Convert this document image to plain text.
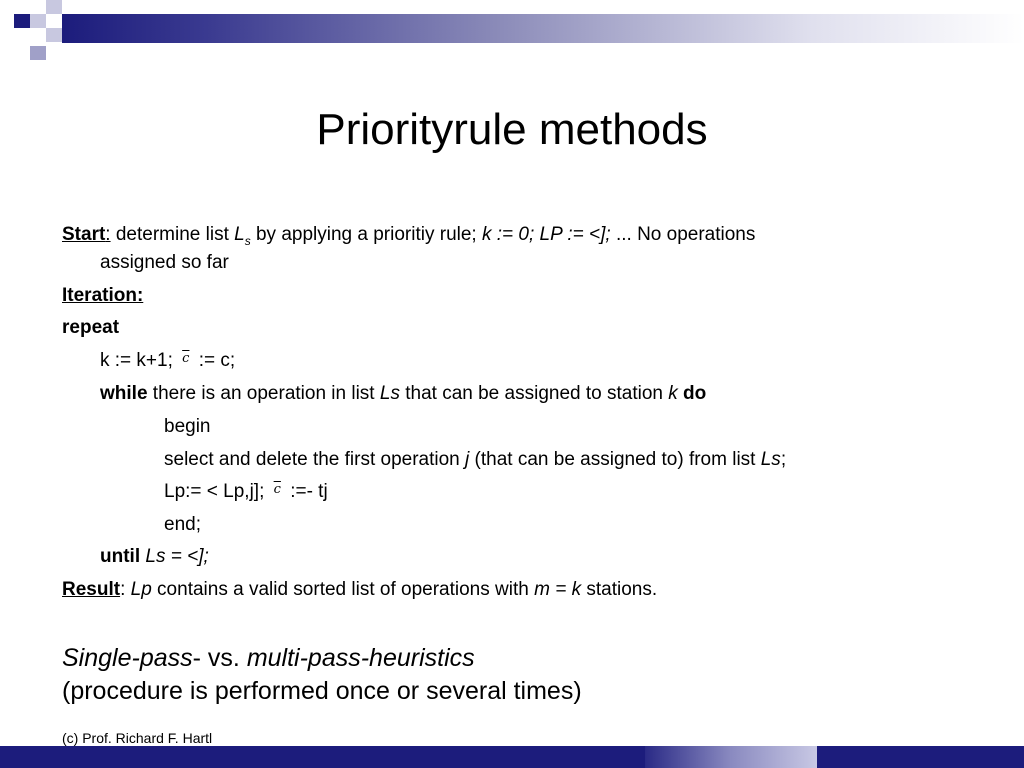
Priorityrule methods
Start: determine list $L_s$ by applying a prioritiy rule; k := 0; LP := <]; ... No operations
assigned so far
Iteration:
repeat
k := k+1; $^{\overline{c}}$ := c;
while there is an operation in list Ls that can be assigned to station k do
begin
select and delete the first operation j (that can be assigned to) from list Ls;
Lp:= < Lp,j]; $^{\overline{c}}$ :=- tj
end;
until Ls = <];
Result: Lp contains a valid sorted list of operations with m = k stations.
Single-pass- vs. multi-pass-heuristics
(procedure is performed once or several times)
(c) Prof. Richard F. Hartl
